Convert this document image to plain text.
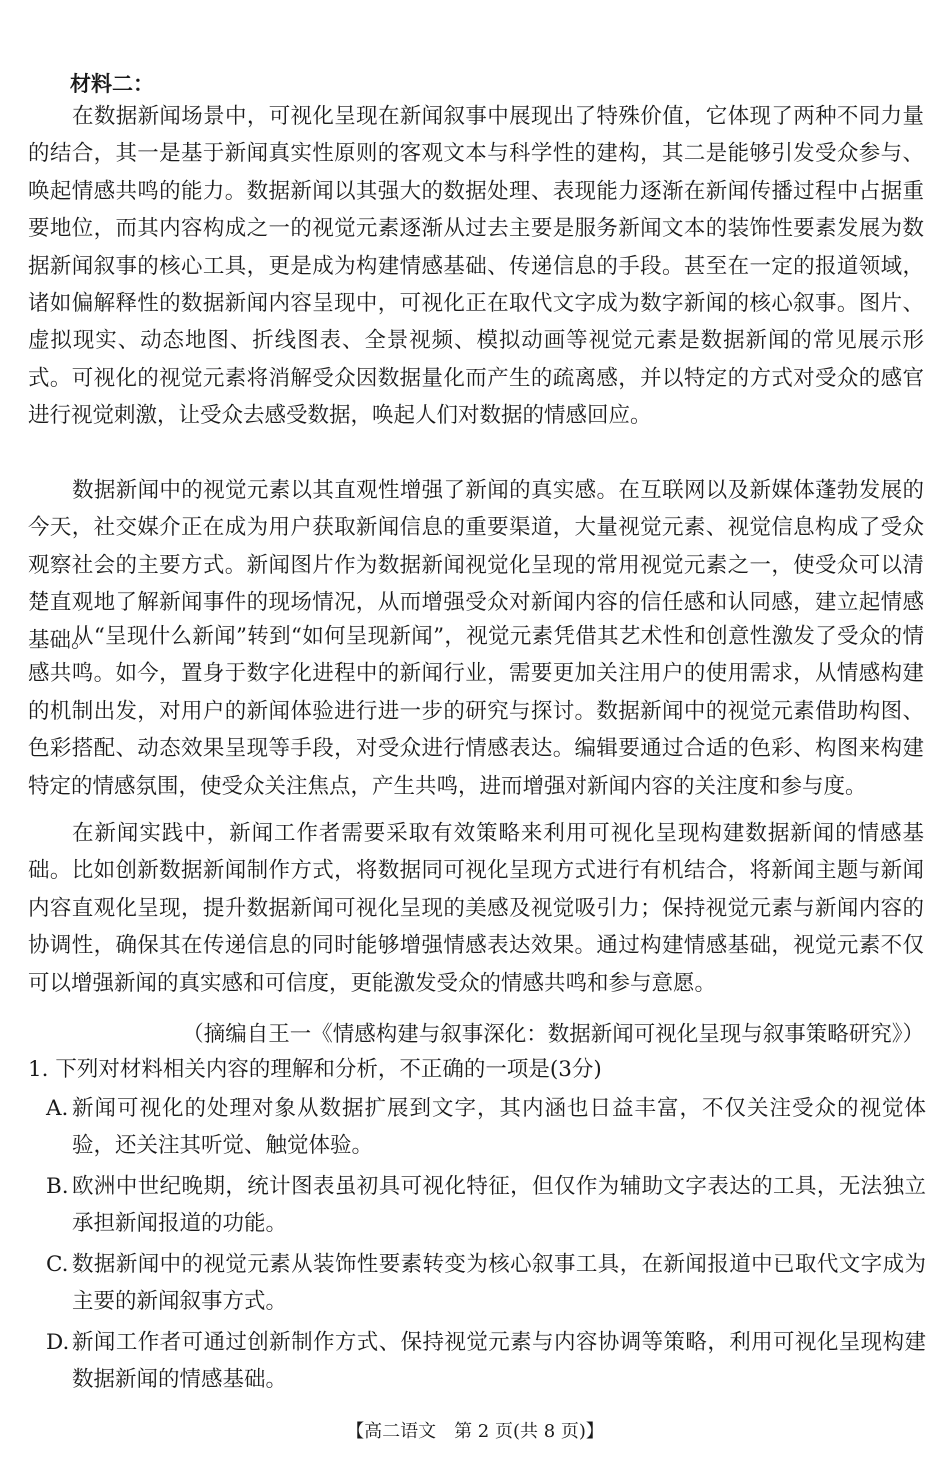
材料二：

在数据新闻场景中，可视化呈现在新闻叙事中展现出了特殊价值，它体现了两种不同力量的结合，其一是基于新闻真实性原则的客观文本与科学性的建构，其二是能够引发受众参与、唤起情感共鸣的能力。数据新闻以其强大的数据处理、表现能力逐渐在新闻传播过程中占据重要地位，而其内容构成之一的视觉元素逐渐从过去主要是服务新闻文本的装饰性要素发展为数据新闻叙事的核心工具，更是成为构建情感基础、传递信息的手段。甚至在一定的报道领域，诸如偏解释性的数据新闻内容呈现中，可视化正在取代文字成为数字新闻的核心叙事。图片、虚拟现实、动态地图、折线图表、全景视频、模拟动画等视觉元素是数据新闻的常见展示形式。可视化的视觉元素将消解受众因数据量化而产生的疏离感，并以特定的方式对受众的感官进行视觉刺激，让受众去感受数据，唤起人们对数据的情感回应。

数据新闻中的视觉元素以其直观性增强了新闻的真实感。在互联网以及新媒体蓬勃发展的今天，社交媒介正在成为用户获取新闻信息的重要渠道，大量视觉元素、视觉信息构成了受众观察社会的主要方式。新闻图片作为数据新闻视觉化呈现的常用视觉元素之一，使受众可以清楚直观地了解新闻事件的现场情况，从而增强受众对新闻内容的信任感和认同感，建立起情感基础。

从“呈现什么新闻”转到“如何呈现新闻”，视觉元素凭借其艺术性和创意性激发了受众的情感共鸣。如今，置身于数字化进程中的新闻行业，需要更加关注用户的使用需求，从情感构建的机制出发，对用户的新闻体验进行进一步的研究与探讨。数据新闻中的视觉元素借助构图、色彩搭配、动态效果呈现等手段，对受众进行情感表达。编辑要通过合适的色彩、构图来构建特定的情感氛围，使受众关注焦点，产生共鸣，进而增强对新闻内容的关注度和参与度。

在新闻实践中，新闻工作者需要采取有效策略来利用可视化呈现构建数据新闻的情感基础。比如创新数据新闻制作方式，将数据同可视化呈现方式进行有机结合，将新闻主题与新闻内容直观化呈现，提升数据新闻可视化呈现的美感及视觉吸引力；保持视觉元素与新闻内容的协调性，确保其在传递信息的同时能够增强情感表达效果。通过构建情感基础，视觉元素不仅可以增强新闻的真实感和可信度，更能激发受众的情感共鸣和参与意愿。

（摘编自王一《情感构建与叙事深化：数据新闻可视化呈现与叙事策略研究》）
1. 下列对材料相关内容的理解和分析，不正确的一项是(3分)
A. 新闻可视化的处理对象从数据扩展到文字，其内涵也日益丰富，不仅关注受众的视觉体验，还关注其听觉、触觉体验。
B. 欧洲中世纪晚期，统计图表虽初具可视化特征，但仅作为辅助文字表达的工具，无法独立承担新闻报道的功能。
C. 数据新闻中的视觉元素从装饰性要素转变为核心叙事工具，在新闻报道中已取代文字成为主要的新闻叙事方式。
D. 新闻工作者可通过创新制作方式、保持视觉元素与内容协调等策略，利用可视化呈现构建数据新闻的情感基础。
【高二语文　第 2 页(共 8 页)】
